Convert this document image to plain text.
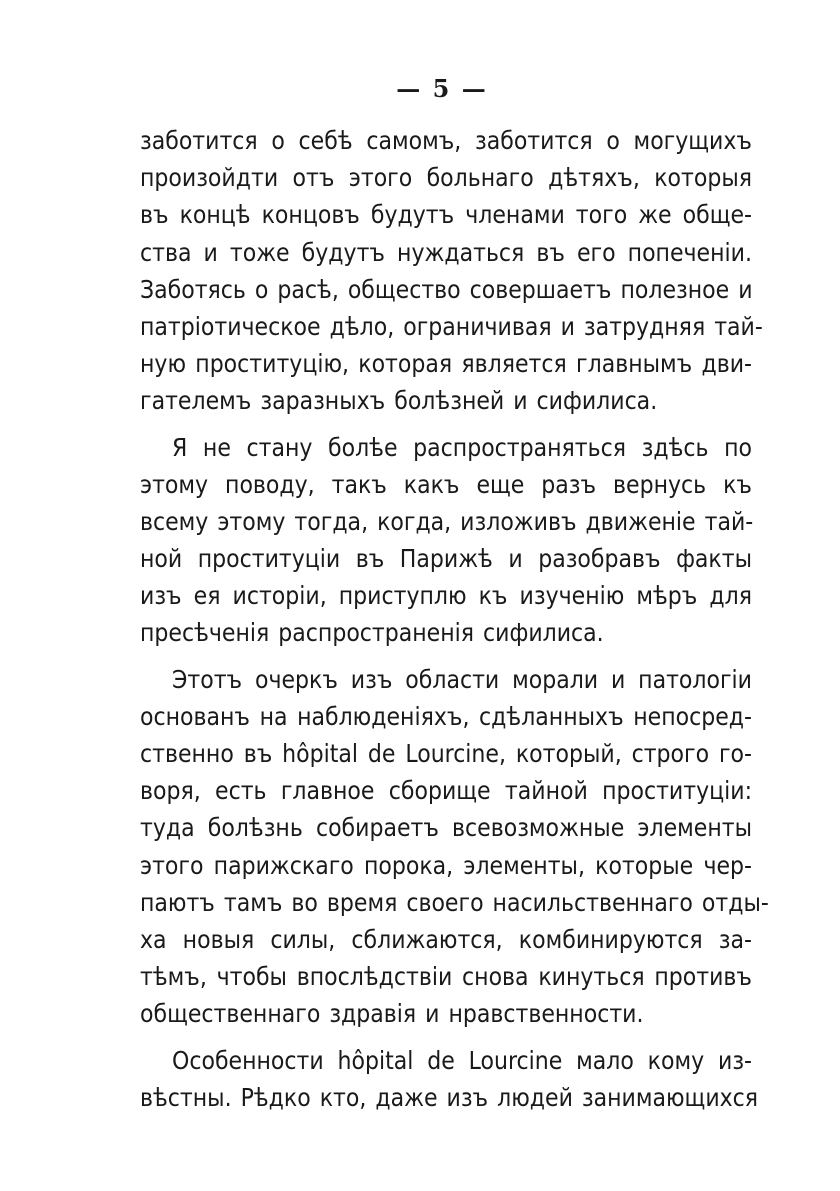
— 5 —
заботится о себѣ самомъ, заботится о могущихъ
произойдти отъ этого больнаго дѣтяхъ, которыя
въ концѣ концовъ будутъ членами того же обще-
ства и тоже будутъ нуждаться въ его попеченіи.
Заботясь о расѣ, общество совершаетъ полезное и
патріотическое дѣло, ограничивая и затрудняя тай-
ную проституцію, которая является главнымъ дви-
гателемъ заразныхъ болѣзней и сифилиса.
Я не стану болѣе распространяться здѣсь по
этому поводу, такъ какъ еще разъ вернусь къ
всему этому тогда, когда, изложивъ движеніе тай-
ной проституціи въ Парижѣ и разобравъ факты
изъ ея исторіи, приступлю къ изученію мѣръ для
пресѣченія распространенія сифилиса.
Этотъ очеркъ изъ области морали и патологіи
основанъ на наблюденіяхъ, сдѣланныхъ непосред-
ственно въ hôpital de Lourcine, который, строго го-
воря, есть главное сборище тайной проституціи:
туда болѣзнь собираетъ всевозможные элементы
этого парижскаго порока, элементы, которые чер-
паютъ тамъ во время своего насильственнаго отды-
ха новыя силы, сближаются, комбинируются за-
тѣмъ, чтобы впослѣдствіи снова кинуться противъ
общественнаго здравія и нравственности.
Особенности hôpital de Lourcine мало кому из-
вѣстны. Рѣдко кто, даже изъ людей занимающихся
